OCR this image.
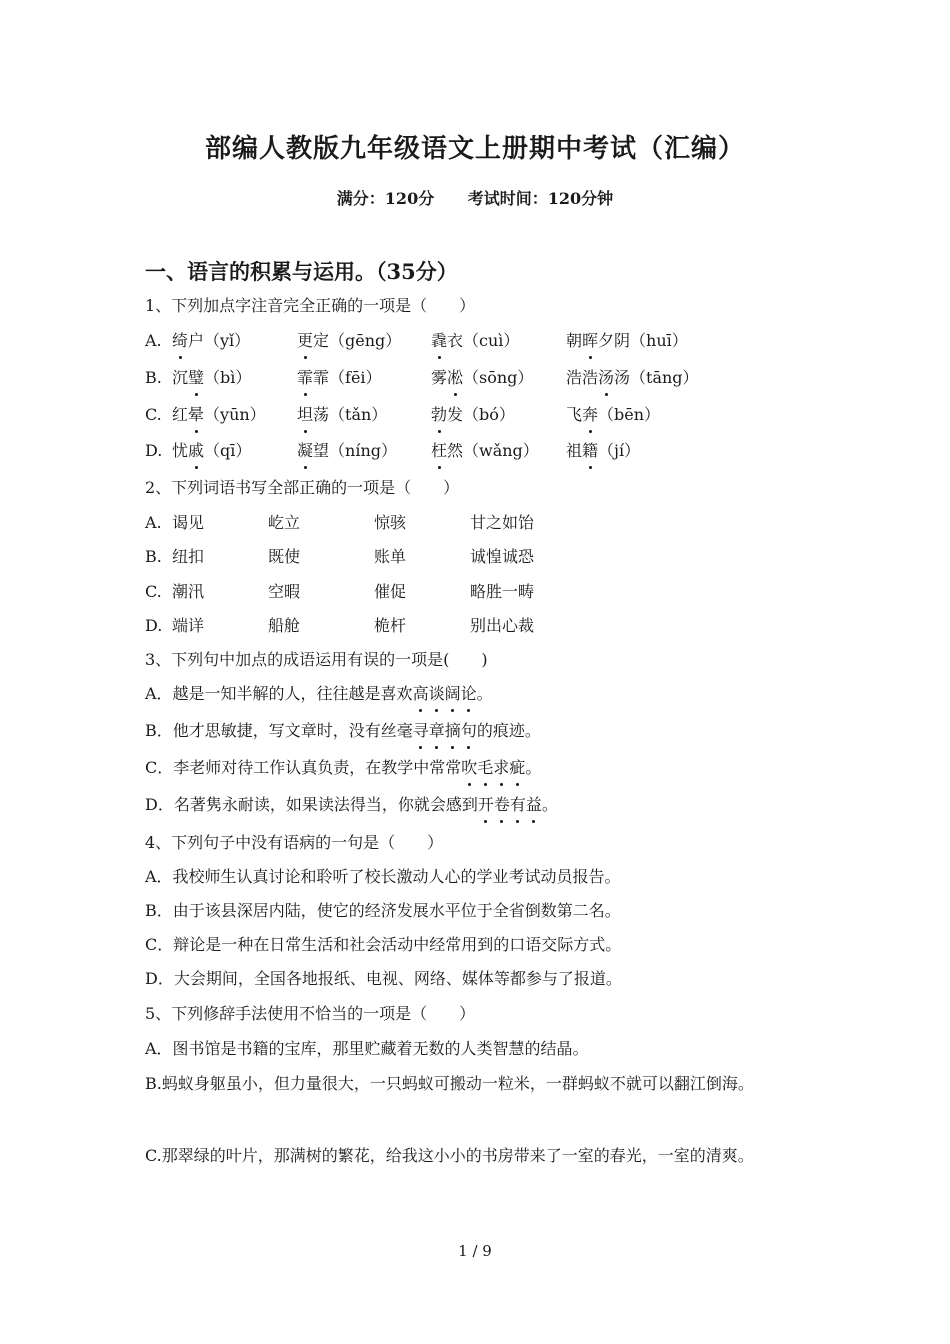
部编人教版九年级语文上册期中考试（汇编）
满分：120分 考试时间：120分钟
一、语言的积累与运用。（35分）
1、下列加点字注音完全正确的一项是（　　）
A. 绮户（yǐ）	更定（gēng） 毳衣（cuì）	朝晖夕阴（huī）
B. 沉璧（bì）	霏霏（fēi）	雾凇（sōng） 浩浩汤汤（tāng）
C. 红晕（yūn） 坦荡（tǎn）	勃发（bó）	飞奔（bēn）
D. 忧戚（qī）	凝望（níng） 枉然（wǎng） 祖籍（jí）
2、下列词语书写全部正确的一项是（　　）
A. 谒见	屹立	惊骇	甘之如饴
B. 纽扣	既使	账单	诚惶诚恐
C. 潮汛	空暇	催促	略胜一畴
D. 端详	船舱	桅杆	别出心裁
3、下列句中加点的成语运用有误的一项是(　　)
A．越是一知半解的人，往往越是喜欢高谈阔论。
B．他才思敏捷，写文章时，没有丝毫寻章摘句的痕迹。
C．李老师对待工作认真负责，在教学中常常吹毛求疵。
D．名著隽永耐读，如果读法得当，你就会感到开卷有益。
4、下列句子中没有语病的一句是（　　）
A．我校师生认真讨论和聆听了校长激动人心的学业考试动员报告。
B．由于该县深居内陆，使它的经济发展水平位于全省倒数第二名。
C．辩论是一种在日常生活和社会活动中经常用到的口语交际方式。
D．大会期间，全国各地报纸、电视、网络、媒体等都参与了报道。
5、下列修辞手法使用不恰当的一项是（　　）
A．图书馆是书籍的宝库，那里贮藏着无数的人类智慧的结晶。
B.蚂蚁身躯虽小，但力量很大，一只蚂蚁可搬动一粒米，一群蚂蚁不就可以翻江倒海。
C.那翠绿的叶片，那满树的繁花，给我这小小的书房带来了一室的春光，一室的清爽。
1 / 9
